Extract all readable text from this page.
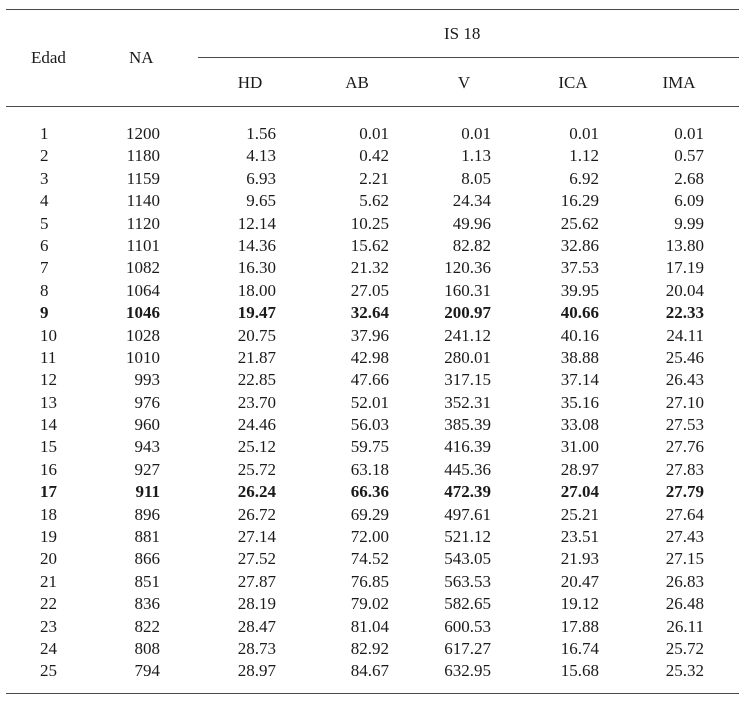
Edad	NA
IS 18
HD	AB	V	ICA	IMA
1	1200	1.56	0.01	0.01	0.01	0.01
2	1180	4.13	0.42	1.13	1.12	0.57
3	1159	6.93	2.21	8.05	6.92	2.68
4	1140	9.65	5.62	24.34	16.29	6.09
5	1120	12.14	10.25	49.96	25.62	9.99
6	1101	14.36	15.62	82.82	32.86	13.80
7	1082	16.30	21.32	120.36	37.53	17.19
8	1064	18.00	27.05	160.31	39.95	20.04
9	1046	19.47	32.64	200.97	40.66	22.33
10	1028	20.75	37.96	241.12	40.16	24.11
11	1010	21.87	42.98	280.01	38.88	25.46
12	993	22.85	47.66	317.15	37.14	26.43
13	976	23.70	52.01	352.31	35.16	27.10
14	960	24.46	56.03	385.39	33.08	27.53
15	943	25.12	59.75	416.39	31.00	27.76
16	927	25.72	63.18	445.36	28.97	27.83
17	911	26.24	66.36	472.39	27.04	27.79
18	896	26.72	69.29	497.61	25.21	27.64
19	881	27.14	72.00	521.12	23.51	27.43
20	866	27.52	74.52	543.05	21.93	27.15
21	851	27.87	76.85	563.53	20.47	26.83
22	836	28.19	79.02	582.65	19.12	26.48
23	822	28.47	81.04	600.53	17.88	26.11
24	808	28.73	82.92	617.27	16.74	25.72
25	794	28.97	84.67	632.95	15.68	25.32
